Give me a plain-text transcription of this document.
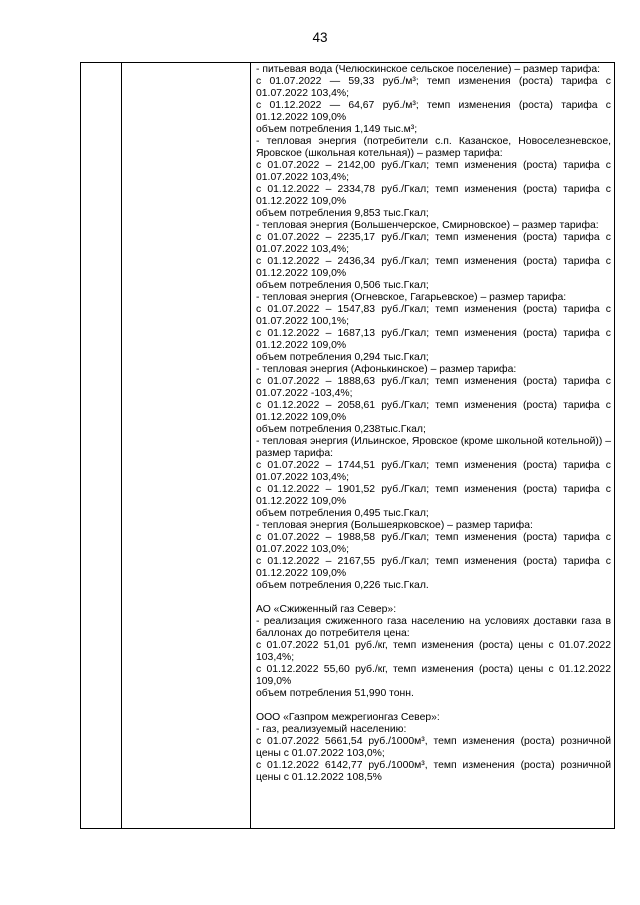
43
- питьевая вода (Челюскинское сельское поселение) – размер тарифа:
с 01.07.2022 — 59,33 руб./м³; темп изменения (роста) тарифа с 01.07.2022 103,4%;
с 01.12.2022 — 64,67 руб./м³; темп изменения (роста) тарифа с 01.12.2022 109,0%
объем потребления 1,149 тыс.м³;
- тепловая энергия (потребители с.п. Казанское, Новоселезневское, Яровское (школьная котельная)) – размер тарифа:
с 01.07.2022 – 2142,00 руб./Гкал; темп изменения (роста) тарифа с 01.07.2022 103,4%;
с 01.12.2022 – 2334,78 руб./Гкал; темп изменения (роста) тарифа с 01.12.2022 109,0%
объем потребления 9,853 тыс.Гкал;
- тепловая энергия (Большенчерское, Смирновское) – размер тарифа:
с 01.07.2022 – 2235,17 руб./Гкал; темп изменения (роста) тарифа с 01.07.2022 103,4%;
с 01.12.2022 – 2436,34 руб./Гкал; темп изменения (роста) тарифа с 01.12.2022 109,0%
объем потребления 0,506 тыс.Гкал;
- тепловая энергия (Огневское, Гагарьевское) – размер тарифа:
с 01.07.2022 – 1547,83 руб./Гкал; темп изменения (роста) тарифа с 01.07.2022 100,1%;
с 01.12.2022 – 1687,13 руб./Гкал; темп изменения (роста) тарифа с 01.12.2022 109,0%
объем потребления 0,294 тыс.Гкал;
- тепловая энергия (Афонькинское) – размер тарифа:
с 01.07.2022 – 1888,63 руб./Гкал; темп изменения (роста) тарифа с 01.07.2022 -103,4%;
с 01.12.2022 – 2058,61 руб./Гкал; темп изменения (роста) тарифа с 01.12.2022 109,0%
объем потребления 0,238тыс.Гкал;
- тепловая энергия (Ильинское, Яровское (кроме школьной котельной)) – размер тарифа:
с 01.07.2022 – 1744,51 руб./Гкал; темп изменения (роста) тарифа с 01.07.2022 103,4%;
с 01.12.2022 – 1901,52 руб./Гкал; темп изменения (роста) тарифа с 01.12.2022 109,0%
объем потребления 0,495 тыс.Гкал;
- тепловая энергия (Большеярковское) – размер тарифа:
с 01.07.2022 – 1988,58 руб./Гкал; темп изменения (роста) тарифа с 01.07.2022 103,0%;
с 01.12.2022 – 2167,55 руб./Гкал; темп изменения (роста) тарифа с 01.12.2022 109,0%
объем потребления 0,226 тыс.Гкал.
АО «Сжиженный газ Север»:
- реализация сжиженного газа населению на условиях доставки газа в баллонах до потребителя цена:
с 01.07.2022 51,01 руб./кг, темп изменения (роста) цены с 01.07.2022 103,4%;
с 01.12.2022 55,60 руб./кг, темп изменения (роста) цены с 01.12.2022 109,0%
объем потребления 51,990 тонн.
ООО «Газпром межрегионгаз Север»:
- газ, реализуемый населению:
с 01.07.2022 5661,54 руб./1000м³, темп изменения (роста) розничной цены с 01.07.2022 103,0%;
с 01.12.2022 6142,77 руб./1000м³, темп изменения (роста) розничной цены с 01.12.2022 108,5%
